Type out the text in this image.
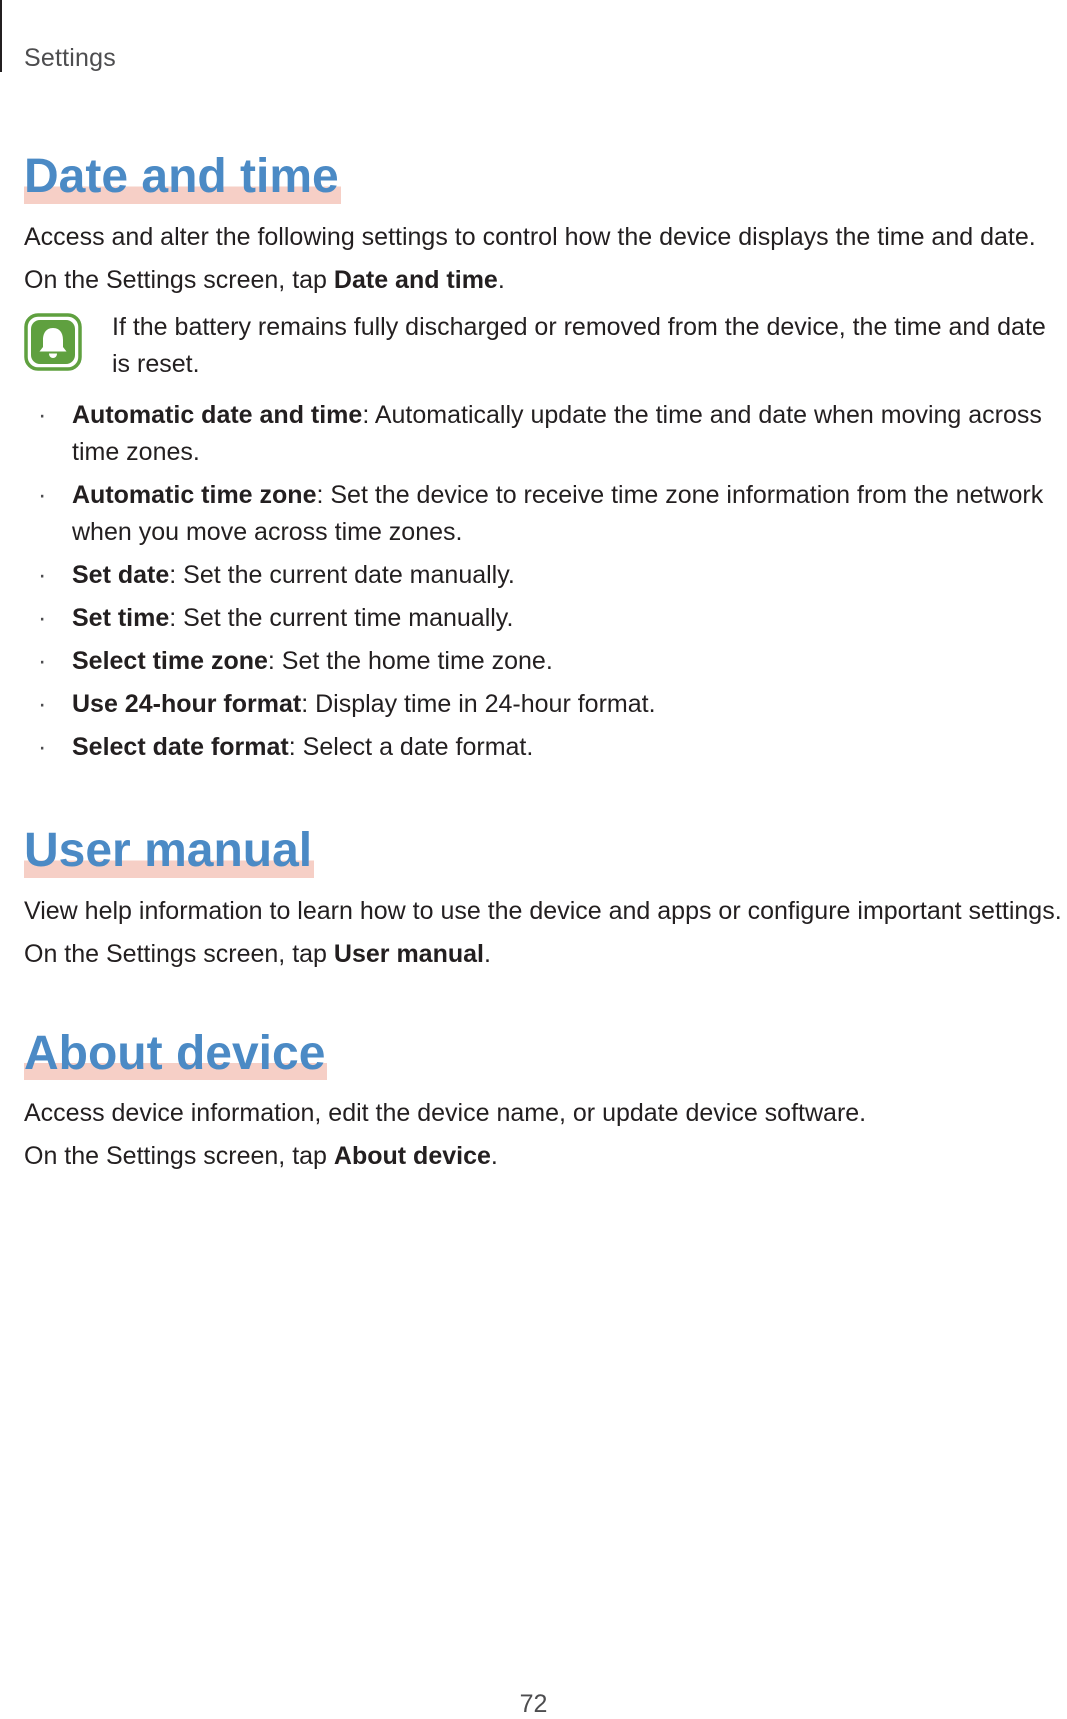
Settings
Date and time

Access and alter the following settings to control how the device displays the time and date.

On the Settings screen, tap Date and time.

If the battery remains fully discharged or removed from the device, the time and date is reset.

· Automatic date and time: Automatically update the time and date when moving across time zones.
· Automatic time zone: Set the device to receive time zone information from the network when you move across time zones.
· Set date: Set the current date manually.
· Set time: Set the current time manually.
· Select time zone: Set the home time zone.
· Use 24-hour format: Display time in 24-hour format.
· Select date format: Select a date format.
User manual

View help information to learn how to use the device and apps or configure important settings.

On the Settings screen, tap User manual.

About device

Access device information, edit the device name, or update device software.

On the Settings screen, tap About device.

72
